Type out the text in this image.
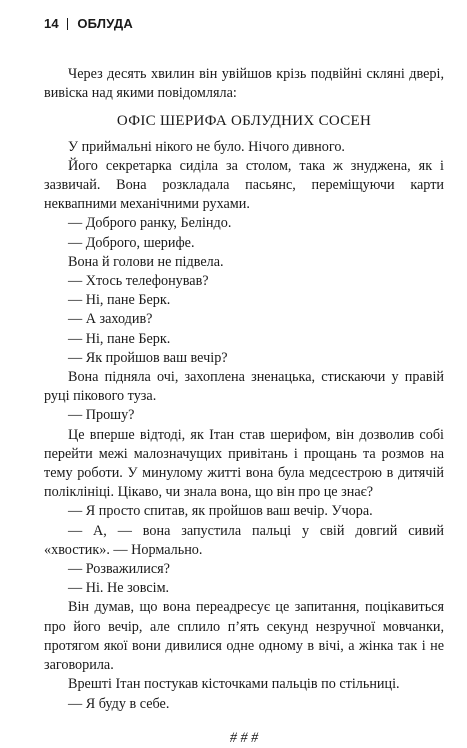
14 ОБЛУДА

Через десять хвилин він увійшов крізь подвійні скляні двері, вивіска над якими повідомляла:

ОФІС ШЕРИФА ОБЛУДНИХ СОСЕН

У приймальні нікого не було. Нічого дивного.

Його секретарка сиділа за столом, така ж знуджена, як і зазвичай. Вона розкладала пасьянс, переміщуючи карти неквапними механічними рухами.

— Доброго ранку, Беліндо.

— Доброго, шерифе.

Вона й голови не підвела.

— Хтось телефонував?

— Ні, пане Берк.

— А заходив?

— Ні, пане Берк.

— Як пройшов ваш вечір?

Вона підняла очі, захоплена зненацька, стискаючи у правій руці пікового туза.

— Прошу?

Це вперше відтоді, як Ітан став шерифом, він дозволив собі перейти межі малозначущих привітань і прощань та розмов на тему роботи. У минулому житті вона була медсестрою в дитячій поліклініці. Цікаво, чи знала вона, що він про це знає?

— Я просто спитав, як пройшов ваш вечір. Учора.

— А, — вона запустила пальці у свій довгий сивий «хвостик». — Нормально.

— Розважилися?

— Ні. Не зовсім.

Він думав, що вона переадресує це запитання, поцікавиться про його вечір, але сплило п’ять секунд незручної мовчанки, протягом якої вони дивилися одне одному в вічі, а жінка так і не заговорила.

Врешті Ітан постукав кісточками пальців по стільниці.

— Я буду в себе.

# # #
